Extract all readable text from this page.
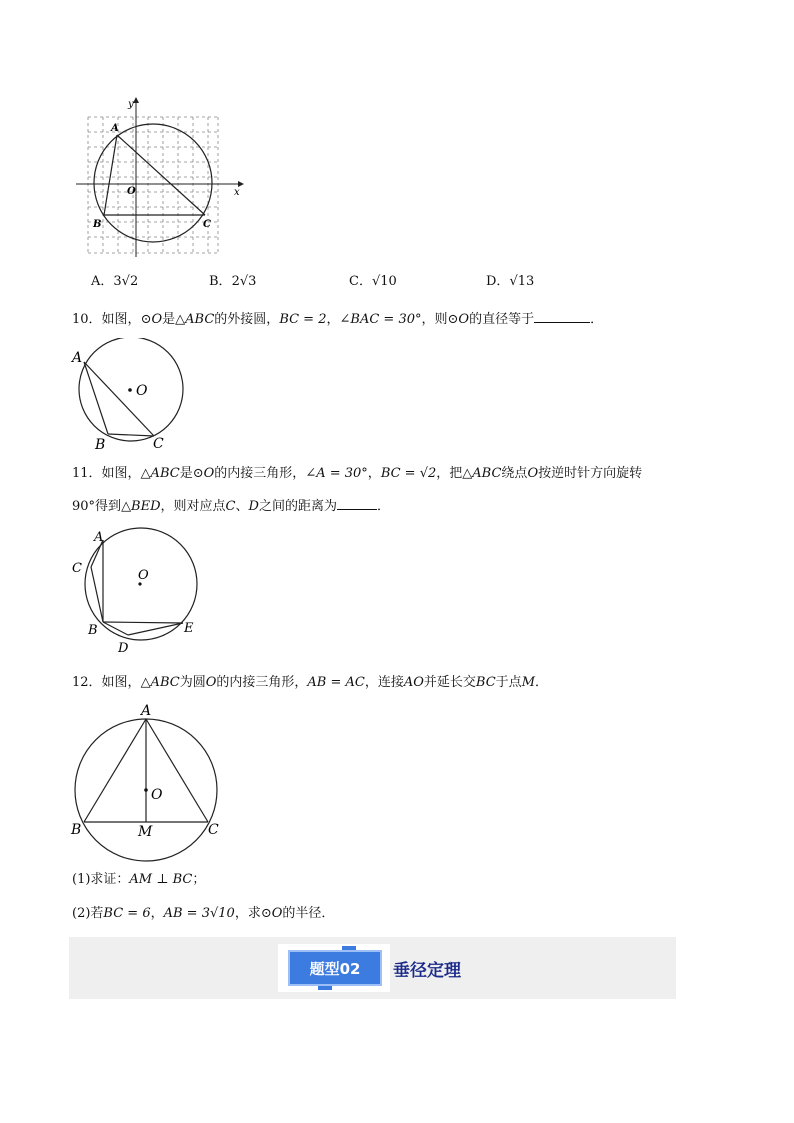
y
x
O
A
B	C
A．3√2	B．2√3	C．√10	D．√13
10．如图，⊙O是△ABC的外接圆，BC = 2，∠BAC = 30°，则⊙O的直径等于	．
A
O
B	C
11．如图，△ABC是⊙O的内接三角形，∠A = 30°，BC = √2，把△ABC绕点O按逆时针方向旋转
90°得到△BED，则对应点C、D之间的距离为	．
A
C	O
B	E
D
12．如图，△ABC为圆O的内接三角形，AB = AC，连接AO并延长交BC于点M．
A
O
B	M	C
(1)求证：AM ⊥ BC；
(2)若BC = 6，AB = 3√10，求⊙O的半径．
题型02	垂径定理
